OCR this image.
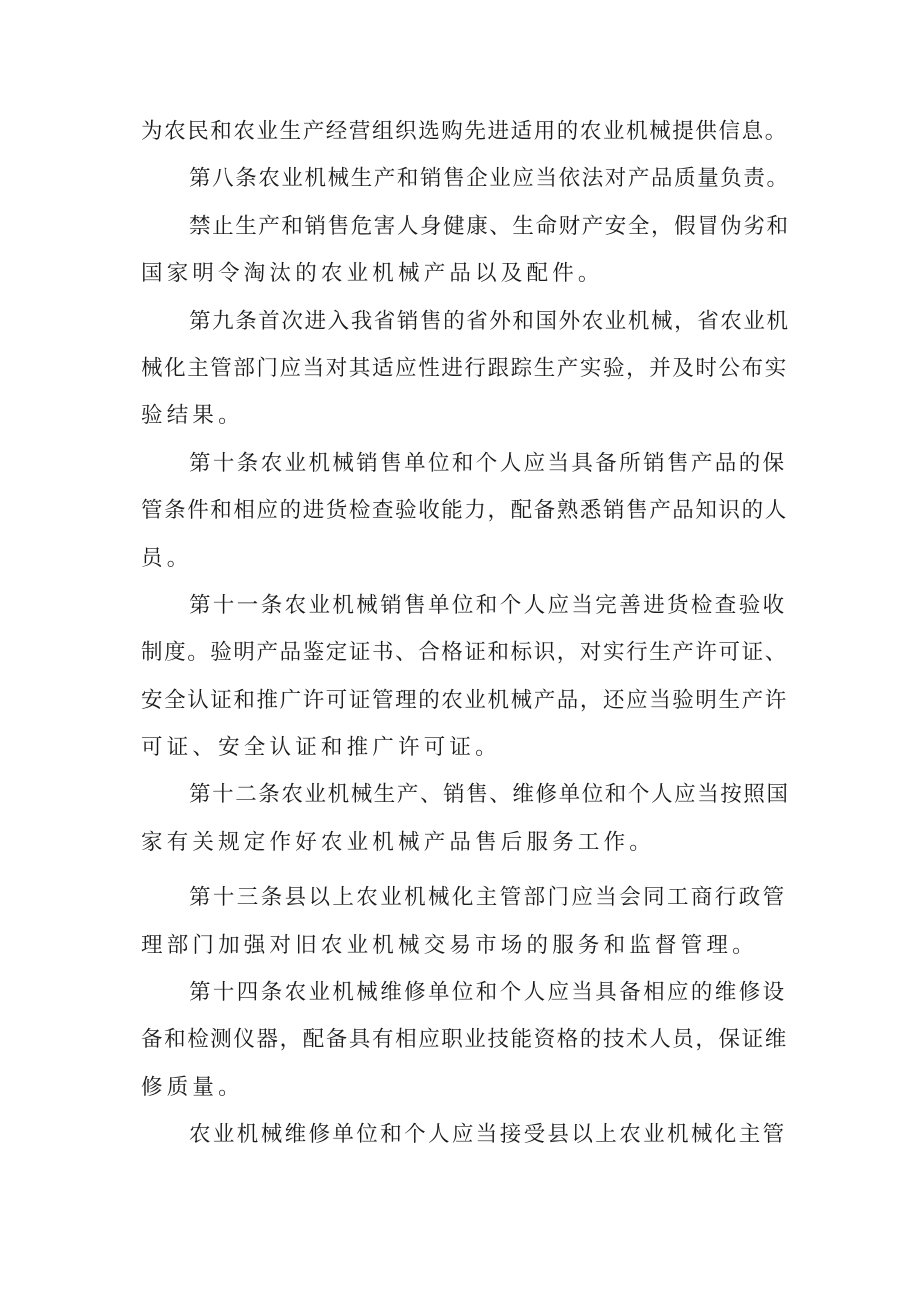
为农民和农业生产经营组织选购先进适用的农业机械提供信息。

第八条农业机械生产和销售企业应当依法对产品质量负责。

禁止生产和销售危害人身健康、生命财产安全，假冒伪劣和
国家明令淘汰的农业机械产品以及配件。

第九条首次进入我省销售的省外和国外农业机械，省农业机
械化主管部门应当对其适应性进行跟踪生产实验，并及时公布实
验结果。

第十条农业机械销售单位和个人应当具备所销售产品的保
管条件和相应的进货检查验收能力，配备熟悉销售产品知识的人
员。

第十一条农业机械销售单位和个人应当完善进货检查验收
制度。验明产品鉴定证书、合格证和标识，对实行生产许可证、
安全认证和推广许可证管理的农业机械产品，还应当验明生产许
可证、安全认证和推广许可证。

第十二条农业机械生产、销售、维修单位和个人应当按照国
家有关规定作好农业机械产品售后服务工作。

第十三条县以上农业机械化主管部门应当会同工商行政管
理部门加强对旧农业机械交易市场的服务和监督管理。

第十四条农业机械维修单位和个人应当具备相应的维修设
备和检测仪器，配备具有相应职业技能资格的技术人员，保证维
修质量。

农业机械维修单位和个人应当接受县以上农业机械化主管
